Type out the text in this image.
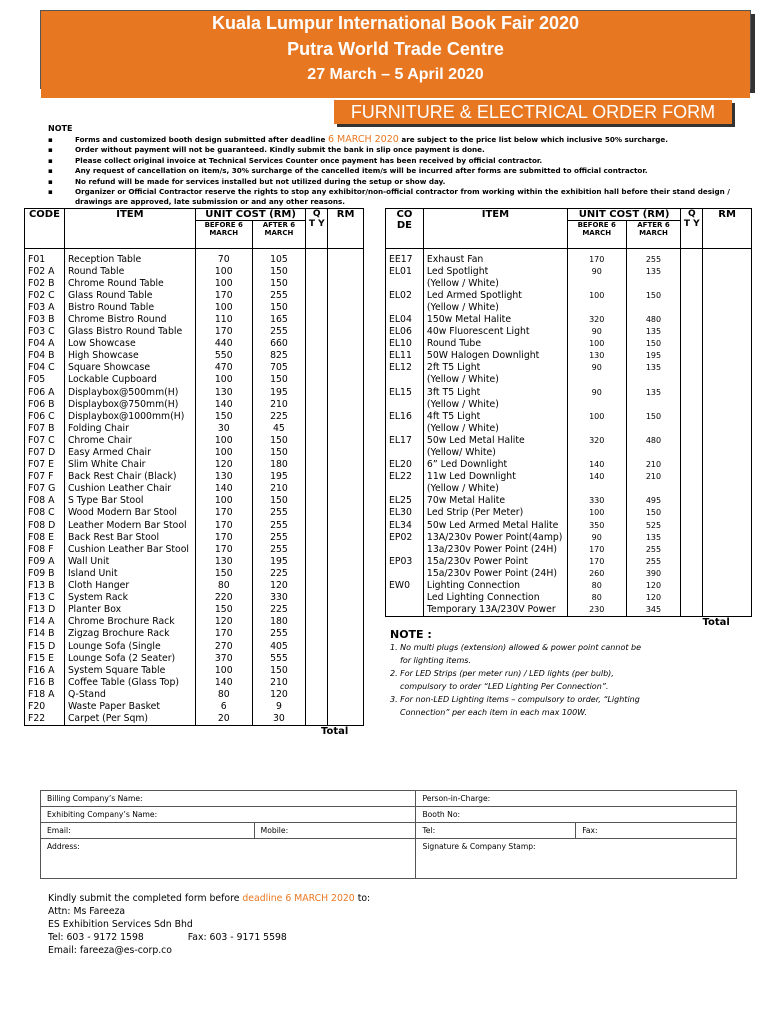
Kuala Lumpur International Book Fair 2020
Putra World Trade Centre
27 March – 5 April 2020
FURNITURE & ELECTRICAL ORDER FORM
NOTE
▪ Forms and customized booth design submitted after deadline 6 MARCH 2020 are subject to the price list below which inclusive 50% surcharge.
▪ Order without payment will not be guaranteed. Kindly submit the bank in slip once payment is done.
▪ Please collect original invoice at Technical Services Counter once payment has been received by official contractor.
▪ Any request of cancellation on item/s, 30% surcharge of the cancelled item/s will be incurred after forms are submitted to official contractor.
▪ No refund will be made for services installed but not utilized during the setup or show day.
▪ Organizer or Official Contractor reserve the rights to stop any exhibitor/non-official contractor from working within the exhibition hall before their stand design / drawings are approved, late submission or and any other reasons.
CODE	ITEM	UNIT COST (RM)		Q T Y	RM
		BEFORE 6 MARCH	AFTER 6 MARCH		

F01	Reception Table	70	105		
F02 A	Round Table	100	150		
F02 B	Chrome Round Table	100	150		
F02 C	Glass Round Table	170	255		
F03 A	Bistro Round Table	100	150		
F03 B	Chrome Bistro Round	110	165		
F03 C	Glass Bistro Round Table	170	255		
F04 A	Low Showcase	440	660		
F04 B	High Showcase	550	825		
F04 C	Square Showcase	470	705		
F05	Lockable Cupboard	100	150		
F06 A	Displaybox@500mm(H)	130	195		
F06 B	Displaybox@750mm(H)	140	210		
F06 C	Displaybox@1000mm(H)	150	225		
F07 B	Folding Chair	30	45		
F07 C	Chrome Chair	100	150		
F07 D	Easy Armed Chair	100	150		
F07 E	Slim White Chair	120	180		
F07 F	Back Rest Chair (Black)	130	195		
F07 G	Cushion Leather Chair	140	210		
F08 A	S Type Bar Stool	100	150		
F08 C	Wood Modern Bar Stool	170	255		
F08 D	Leather Modern Bar Stool	170	255		
F08 E	Back Rest Bar Stool	170	255		
F08 F	Cushion Leather Bar Stool	170	255		
F09 A	Wall Unit	130	195		
F09 B	Island Unit	150	225		
F13 B	Cloth Hanger	80	120		
F13 C	System Rack	220	330		
F13 D	Planter Box	150	225		
F14 A	Chrome Brochure Rack	120	180		
F14 B	Zigzag Brochure Rack	170	255		
F15 D	Lounge Sofa (Single	270	405		
F15 E	Lounge Sofa (2 Seater)	370	555		
F16 A	System Square Table	100	150		
F16 B	Coffee Table (Glass Top)	140	210		
F18 A	Q-Stand	80	120		
F20	Waste Paper Basket	6	9		
F22	Carpet (Per Sqm)	20	30		
				Total	
CO DE	ITEM	UNIT COST (RM)		Q T Y	RM
		BEFORE 6 MARCH	AFTER 6 MARCH		

EE17	Exhaust Fan	170	255		
EL01	Led Spotlight	90	135		
	(Yellow / White)				
EL02	Led Armed Spotlight	100	150		
	(Yellow / White)				
EL04	150w Metal Halite	320	480		
EL06	40w Fluorescent Light	90	135		
EL10	Round Tube	100	150		
EL11	50W Halogen Downlight	130	195		
EL12	2ft T5 Light	90	135		
	(Yellow / White)				
EL15	3ft T5 Light	90	135		
	(Yellow / White)				
EL16	4ft T5 Light	100	150		
	(Yellow / White)				
EL17	50w Led Metal Halite	320	480		
	(Yellow/ White)				
EL20	6” Led Downlight	140	210		
EL22	11w Led Downlight	140	210		
	(Yellow / White)				
EL25	70w Metal Halite	330	495		
EL30	Led Strip (Per Meter)	100	150		
EL34	50w Led Armed Metal Halite	350	525		
EP02	13A/230v Power Point(4amp)	90	135		
	13a/230v Power Point (24H)	170	255		
EP03	15a/230v Power Point	170	255		
	15a/230v Power Point (24H)	260	390		
EW0	Lighting Connection	80	120		
	Led Lighting Connection	80	120		
	Temporary 13A/230V Power	230	345		
				Total	
NOTE :
1. No multi plugs (extension) allowed & power point cannot be
for lighting items.
2. For LED Strips (per meter run) / LED lights (per bulb),
compulsory to order “LED Lighting Per Connection”.
3. For non-LED Lighting items – compulsory to order, “Lighting
Connection” per each item in each max 100W.
Billing Company’s Name:		Person-in-Charge:	
Exhibiting Company’s Name:		Booth No:	
Email:	Mobile:	Tel:	Fax:
Address:		Signature & Company Stamp:	
Kindly submit the completed form before deadline 6 MARCH 2020 to:
Attn: Ms Fareeza
ES Exhibition Services Sdn Bhd
Tel: 603 - 9172 1598	Fax: 603 - 9171 5598
Email: fareeza@es-corp.co
